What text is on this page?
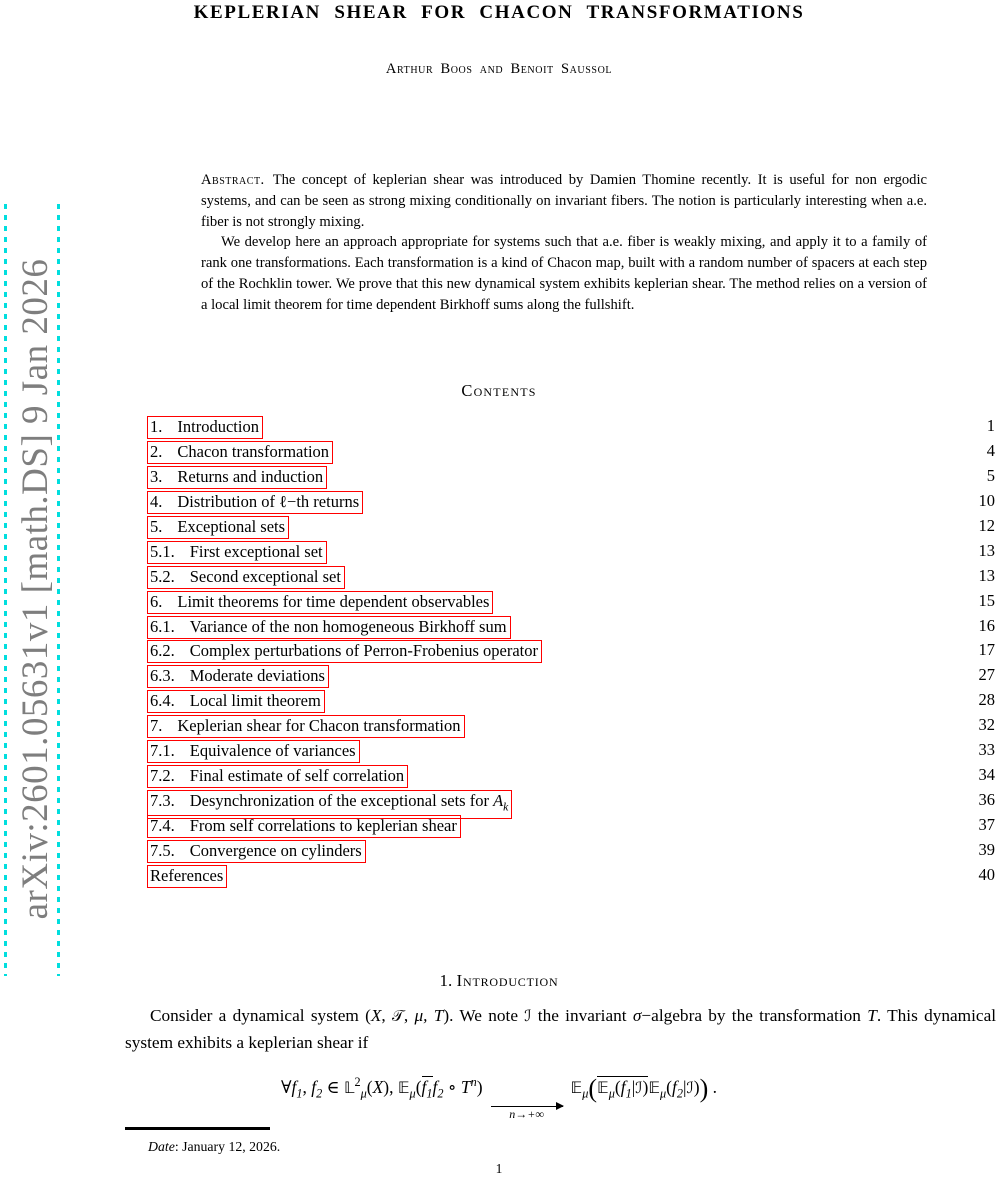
arXiv:2601.05631v1 [math.DS] 9 Jan 2026
KEPLERIAN SHEAR FOR CHACON TRANSFORMATIONS
Arthur Boos and Benoit Saussol

Abstract. The concept of keplerian shear was introduced by Damien Thomine recently. It is useful for non ergodic systems, and can be seen as strong mixing conditionally on invariant fibers. The notion is particularly interesting when a.e. fiber is not strongly mixing.

We develop here an approach appropriate for systems such that a.e. fiber is weakly mixing, and apply it to a family of rank one transformations. Each transformation is a kind of Chacon map, built with a random number of spacers at each step of the Rochklin tower. We prove that this new dynamical system exhibits keplerian shear. The method relies on a version of a local limit theorem for time dependent Birkhoff sums along the fullshift.

Contents
1. Introduction	1
2. Chacon transformation	4
3. Returns and induction	5
4. Distribution of ℓ−th returns	10
5. Exceptional sets	12
5.1. First exceptional set	13
5.2. Second exceptional set	13
6. Limit theorems for time dependent observables	15
6.1. Variance of the non homogeneous Birkhoff sum	16
6.2. Complex perturbations of Perron-Frobenius operator	17
6.3. Moderate deviations	27
6.4. Local limit theorem	28
7. Keplerian shear for Chacon transformation	32
7.1. Equivalence of variances	33
7.2. Final estimate of self correlation	34
7.3. Desynchronization of the exceptional sets for $A_k$	36
7.4. From self correlations to keplerian shear	37
7.5. Convergence on cylinders	39
References	40
1. Introduction

Consider a dynamical system (X, 𝒯, μ, T). We note ℐ the invariant σ−algebra by the transformation T. This dynamical system exhibits a keplerian shear if

$\forall f_1$, $f_2$ ∈ 𝕃$^2_\mu$(X), $𝔼_\mu(f_1f_2$ ∘ $T^n$)
n→+∞
$𝔼_\mu(𝔼_\mu(f_1|ℐ)𝔼_\mu(f_2|ℐ))$ .
Date: January 12, 2026.
1
